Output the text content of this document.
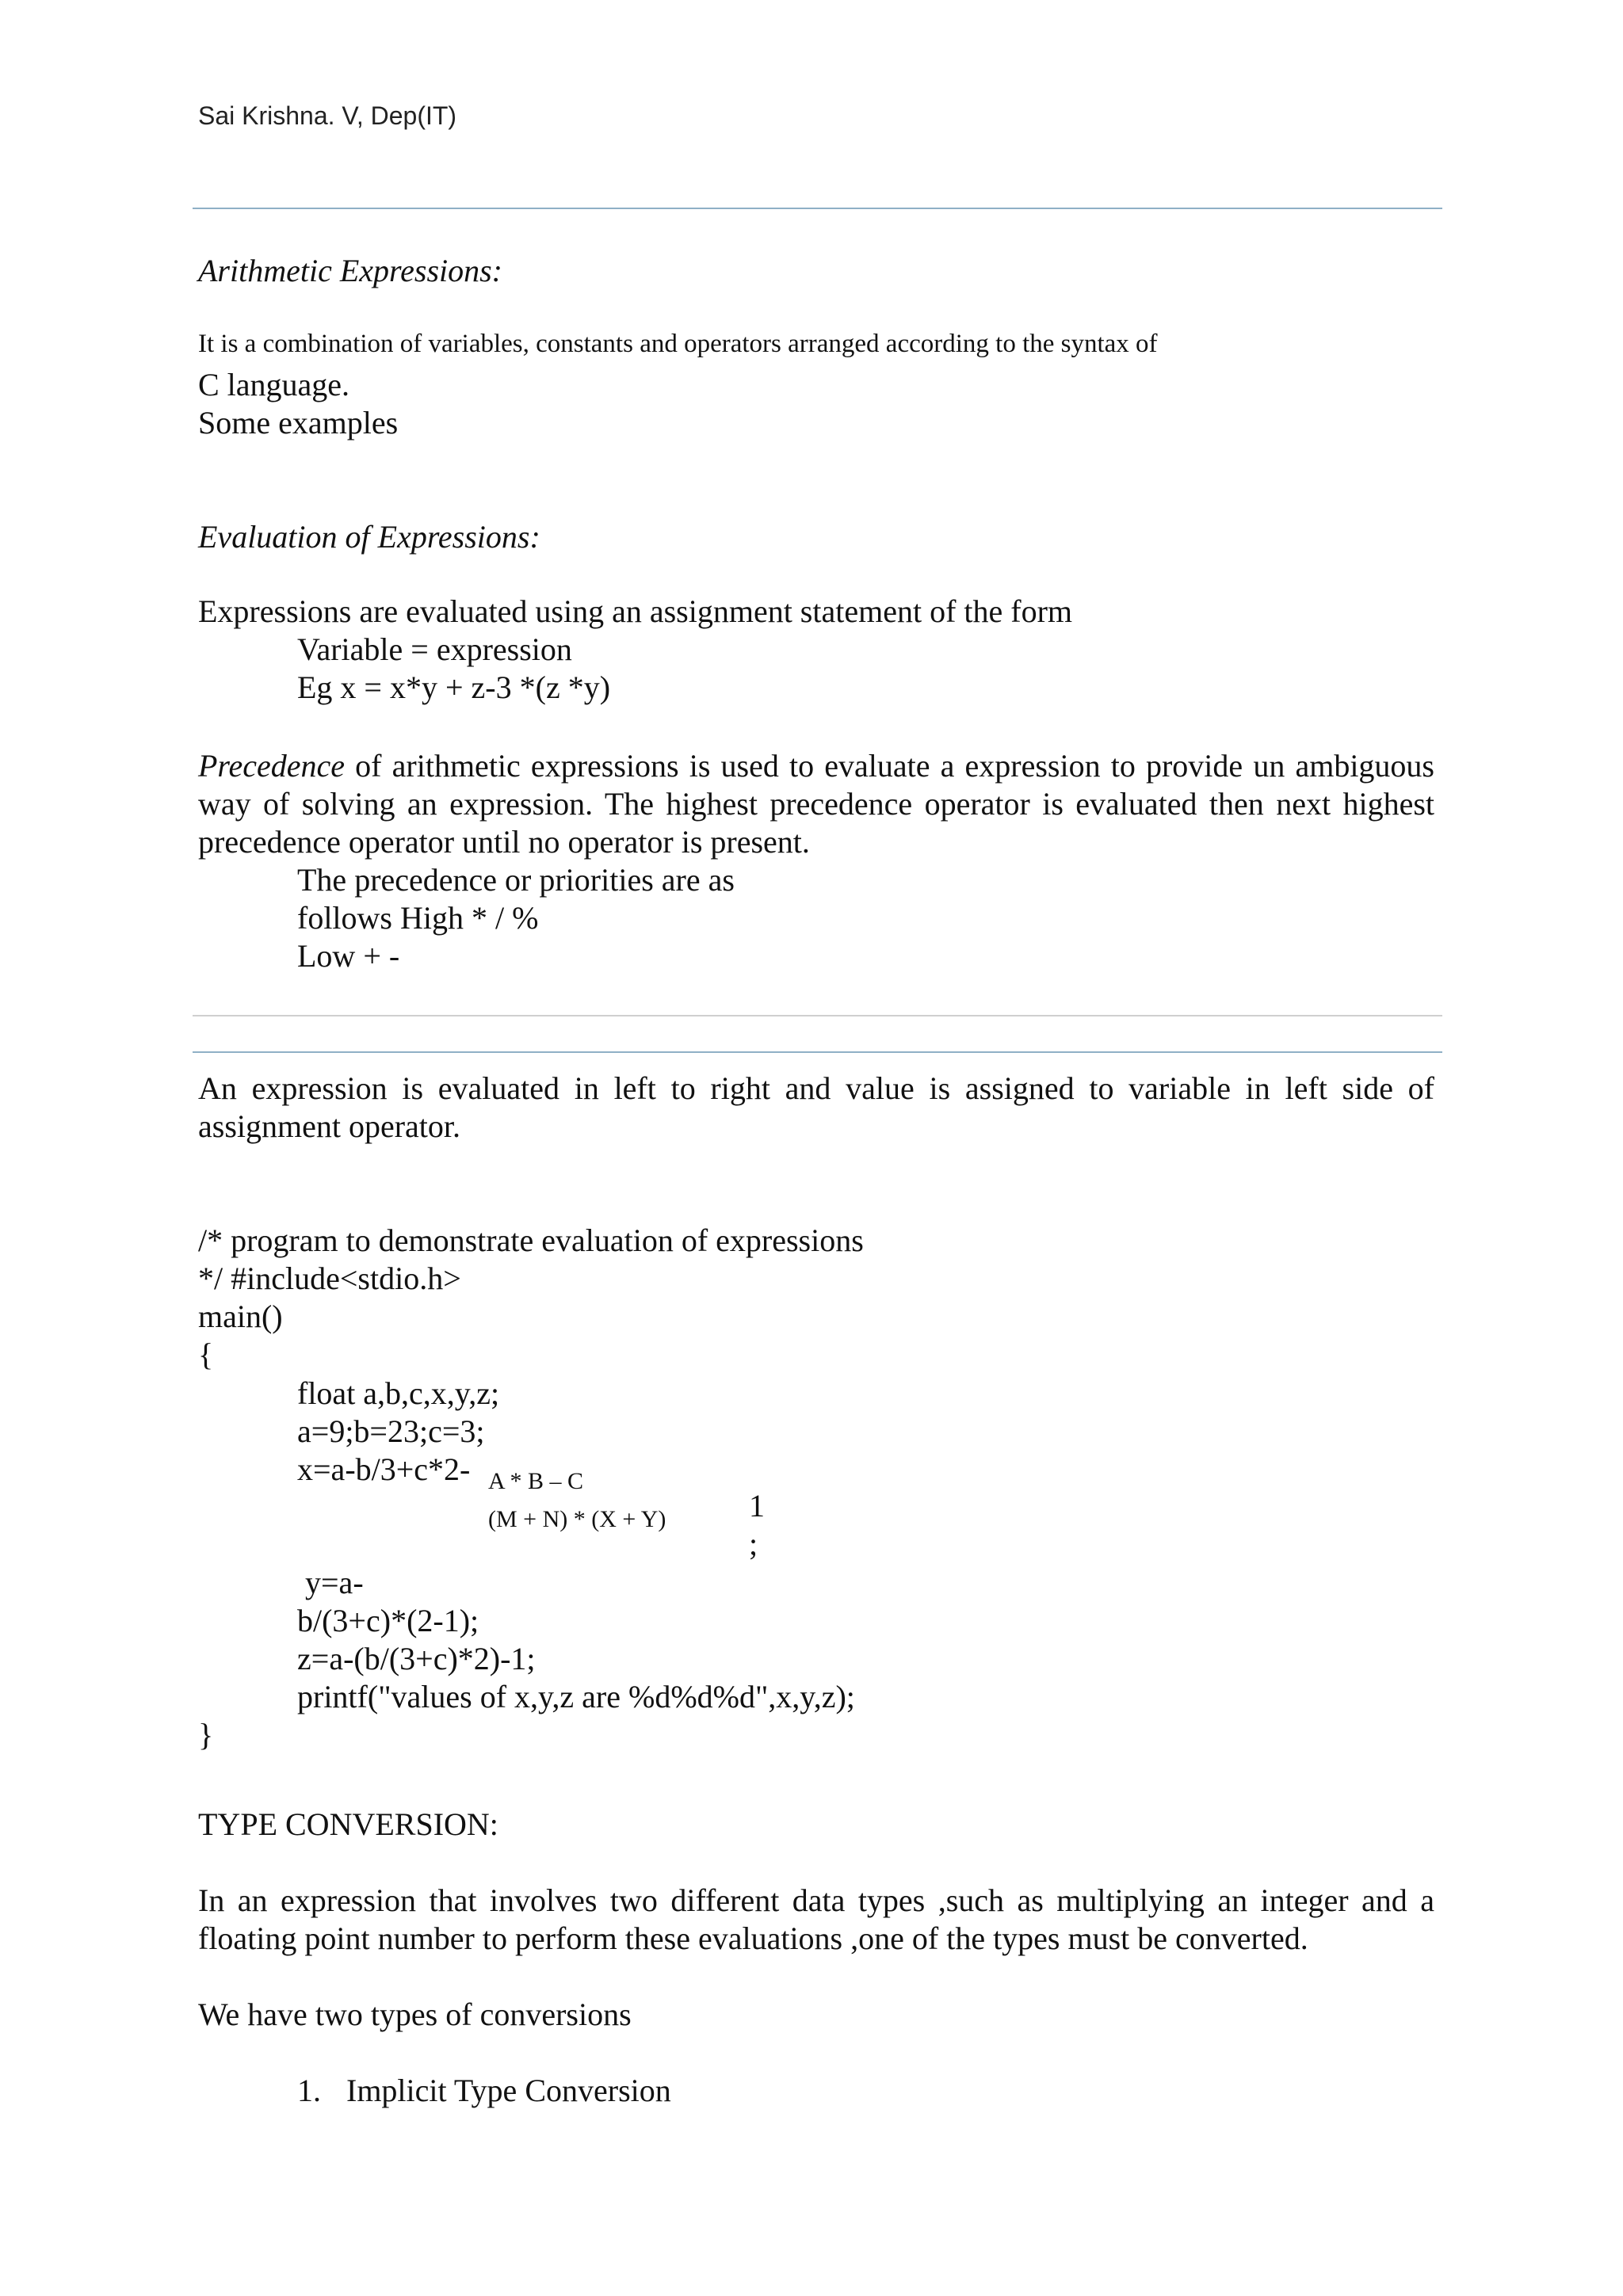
Sai Krishna. V, Dep(IT)
Arithmetic Expressions:
It is a combination of variables, constants and operators arranged according to the syntax of
C language.
Some examples
Evaluation of Expressions:
Expressions are evaluated using an assignment statement of the form
Variable = expression
Eg x = x*y + z-3 *(z *y)
Precedence of arithmetic expressions is used to evaluate a expression to provide un ambiguous way of solving an expression. The highest precedence operator is evaluated then next highest precedence operator until no operator is present.
The precedence or priorities are as
follows High * / %
Low + -
An expression is evaluated in left to right and value is assigned to variable in left side of assignment operator.
/* program to demonstrate evaluation of expressions
*/ #include<stdio.h>
main()
{
float a,b,c,x,y,z;
a=9;b=23;c=3;
x=a-b/3+c*2- A * B – C
(M + N) * (X + Y)	1
;
y=a-
b/(3+c)*(2-1);
z=a-(b/(3+c)*2)-1;
printf("values of x,y,z are %d%d%d",x,y,z);
}
TYPE CONVERSION:
In an expression that involves two different data types ,such as multiplying an integer and a floating point number to perform these evaluations ,one of the types must be converted.
We have two types of conversions
1. Implicit Type Conversion
